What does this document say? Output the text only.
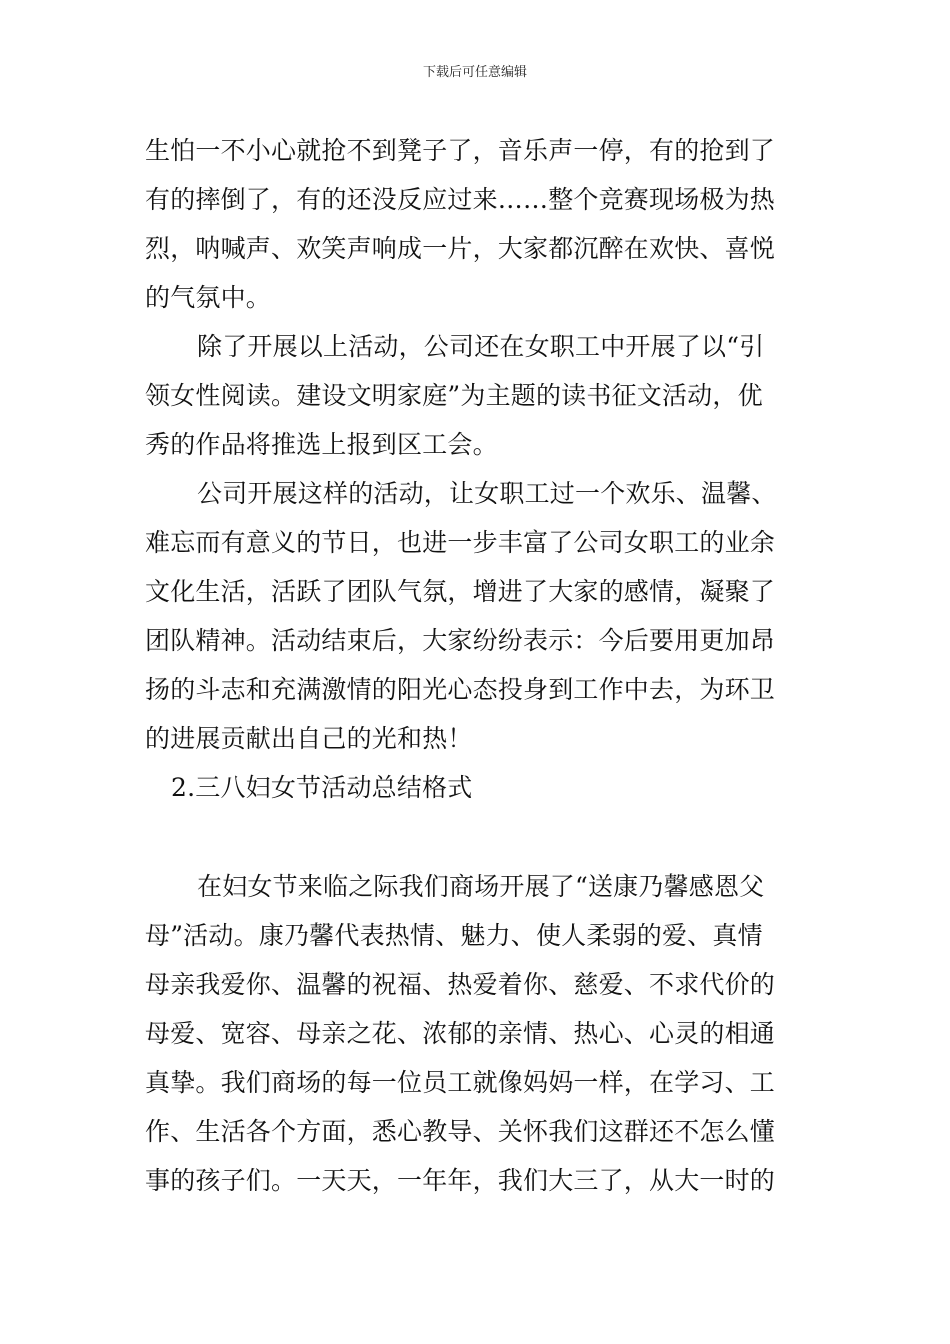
下载后可任意编辑
生怕一不小心就抢不到凳子了，音乐声一停，有的抢到了
有的摔倒了，有的还没反应过来……整个竞赛现场极为热
烈，呐喊声、欢笑声响成一片，大家都沉醉在欢快、喜悦
的气氛中。
除了开展以上活动，公司还在女职工中开展了以“引
领女性阅读。建设文明家庭”为主题的读书征文活动，优
秀的作品将推选上报到区工会。
公司开展这样的活动，让女职工过一个欢乐、温馨、
难忘而有意义的节日，也进一步丰富了公司女职工的业余
文化生活，活跃了团队气氛，增进了大家的感情，凝聚了
团队精神。活动结束后，大家纷纷表示：今后要用更加昂
扬的斗志和充满激情的阳光心态投身到工作中去，为环卫
的进展贡献出自己的光和热！
2.三八妇女节活动总结格式
在妇女节来临之际我们商场开展了“送康乃馨感恩父
母”活动。康乃馨代表热情、魅力、使人柔弱的爱、真情
母亲我爱你、温馨的祝福、热爱着你、慈爱、不求代价的
母爱、宽容、母亲之花、浓郁的亲情、热心、心灵的相通
真挚。我们商场的每一位员工就像妈妈一样，在学习、工
作、生活各个方面，悉心教导、关怀我们这群还不怎么懂
事的孩子们。一天天，一年年，我们大三了，从大一时的
